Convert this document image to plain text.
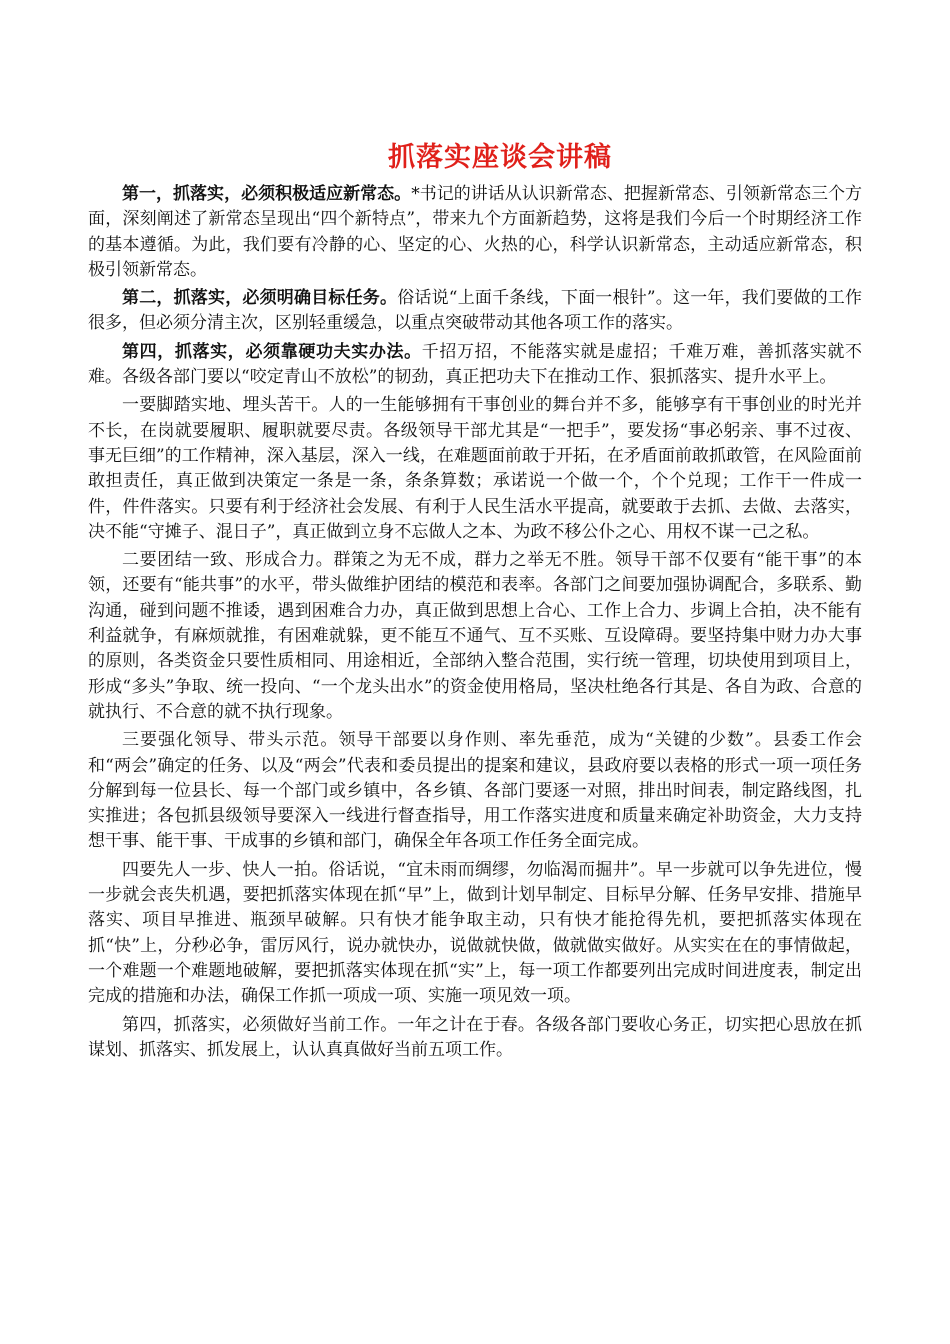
抓落实座谈会讲稿

第一，抓落实，必须积极适应新常态。*书记的讲话从认识新常态、把握新常态、引领新常态三个方面，深刻阐述了新常态呈现出“四个新特点”，带来九个方面新趋势，这将是我们今后一个时期经济工作的基本遵循。为此，我们要有冷静的心、坚定的心、火热的心，科学认识新常态，主动适应新常态，积极引领新常态。

第二，抓落实，必须明确目标任务。俗话说“上面千条线，下面一根针”。这一年，我们要做的工作很多，但必须分清主次，区别轻重缓急，以重点突破带动其他各项工作的落实。

第四，抓落实，必须靠硬功夫实办法。千招万招，不能落实就是虚招；千难万难，善抓落实就不难。各级各部门要以“咬定青山不放松”的韧劲，真正把功夫下在推动工作、狠抓落实、提升水平上。

一要脚踏实地、埋头苦干。人的一生能够拥有干事创业的舞台并不多，能够享有干事创业的时光并不长，在岗就要履职、履职就要尽责。各级领导干部尤其是“一把手”，要发扬“事必躬亲、事不过夜、事无巨细”的工作精神，深入基层，深入一线，在难题面前敢于开拓，在矛盾面前敢抓敢管，在风险面前敢担责任，真正做到决策定一条是一条，条条算数；承诺说一个做一个，个个兑现；工作干一件成一件，件件落实。只要有利于经济社会发展、有利于人民生活水平提高，就要敢于去抓、去做、去落实，决不能“守摊子、混日子”，真正做到立身不忘做人之本、为政不移公仆之心、用权不谋一己之私。

二要团结一致、形成合力。群策之为无不成，群力之举无不胜。领导干部不仅要有“能干事”的本领，还要有“能共事”的水平，带头做维护团结的模范和表率。各部门之间要加强协调配合，多联系、勤沟通，碰到问题不推诿，遇到困难合力办，真正做到思想上合心、工作上合力、步调上合拍，决不能有利益就争，有麻烦就推，有困难就躲，更不能互不通气、互不买账、互设障碍。要坚持集中财力办大事的原则，各类资金只要性质相同、用途相近，全部纳入整合范围，实行统一管理，切块使用到项目上，形成“多头”争取、统一投向、“一个龙头出水”的资金使用格局，坚决杜绝各行其是、各自为政、合意的就执行、不合意的就不执行现象。

三要强化领导、带头示范。领导干部要以身作则、率先垂范，成为“关键的少数”。县委工作会和“两会”确定的任务、以及“两会”代表和委员提出的提案和建议，县政府要以表格的形式一项一项任务分解到每一位县长、每一个部门或乡镇中，各乡镇、各部门要逐一对照，排出时间表，制定路线图，扎实推进；各包抓县级领导要深入一线进行督查指导，用工作落实进度和质量来确定补助资金，大力支持想干事、能干事、干成事的乡镇和部门，确保全年各项工作任务全面完成。

四要先人一步、快人一拍。俗话说，“宜未雨而绸缪，勿临渴而掘井”。早一步就可以争先进位，慢一步就会丧失机遇，要把抓落实体现在抓“早”上，做到计划早制定、目标早分解、任务早安排、措施早落实、项目早推进、瓶颈早破解。只有快才能争取主动，只有快才能抢得先机，要把抓落实体现在抓“快”上，分秒必争，雷厉风行，说办就快办，说做就快做，做就做实做好。从实实在在的事情做起，一个难题一个难题地破解，要把抓落实体现在抓“实”上，每一项工作都要列出完成时间进度表，制定出完成的措施和办法，确保工作抓一项成一项、实施一项见效一项。

第四，抓落实，必须做好当前工作。一年之计在于春。各级各部门要收心务正，切实把心思放在抓谋划、抓落实、抓发展上，认认真真做好当前五项工作。
